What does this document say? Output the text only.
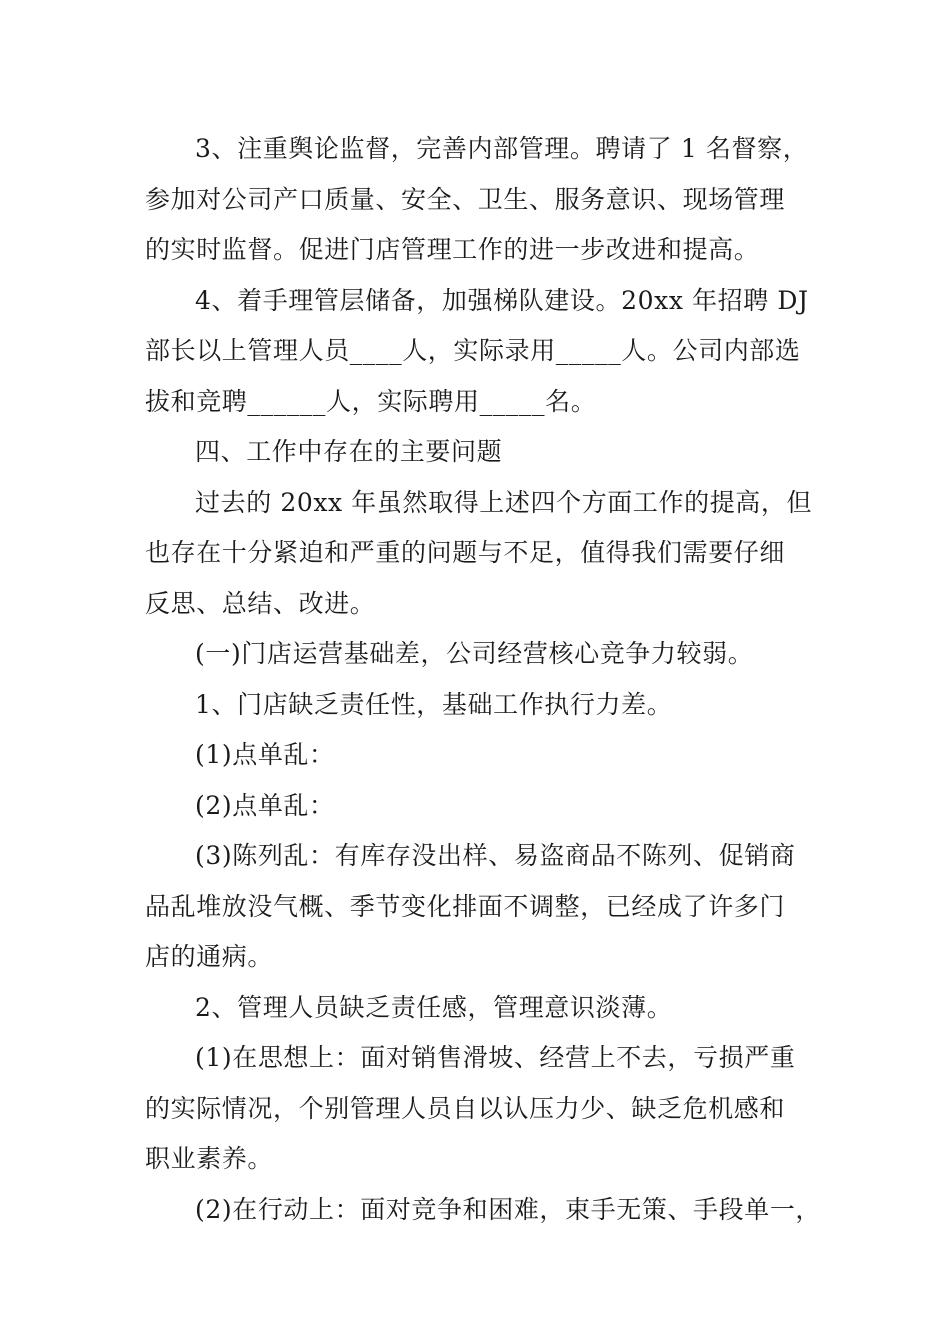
3、注重舆论监督，完善内部管理。聘请了 1 名督察，
参加对公司产口质量、安全、卫生、服务意识、现场管理
的实时监督。促进门店管理工作的进一步改进和提高。
4、着手理管层储备，加强梯队建设。20xx 年招聘 DJ
部长以上管理人员____人，实际录用_____人。公司内部选
拔和竞聘______人，实际聘用_____名。
四、工作中存在的主要问题
过去的 20xx 年虽然取得上述四个方面工作的提高，但
也存在十分紧迫和严重的问题与不足，值得我们需要仔细
反思、总结、改进。
(一)门店运营基础差，公司经营核心竞争力较弱。
1、门店缺乏责任性，基础工作执行力差。
(1)点单乱：
(2)点单乱：
(3)陈列乱：有库存没出样、易盗商品不陈列、促销商
品乱堆放没气概、季节变化排面不调整，已经成了许多门
店的通病。
2、管理人员缺乏责任感，管理意识淡薄。
(1)在思想上：面对销售滑坡、经营上不去，亏损严重
的实际情况，个别管理人员自以认压力少、缺乏危机感和
职业素养。
(2)在行动上：面对竞争和困难，束手无策、手段单一，
